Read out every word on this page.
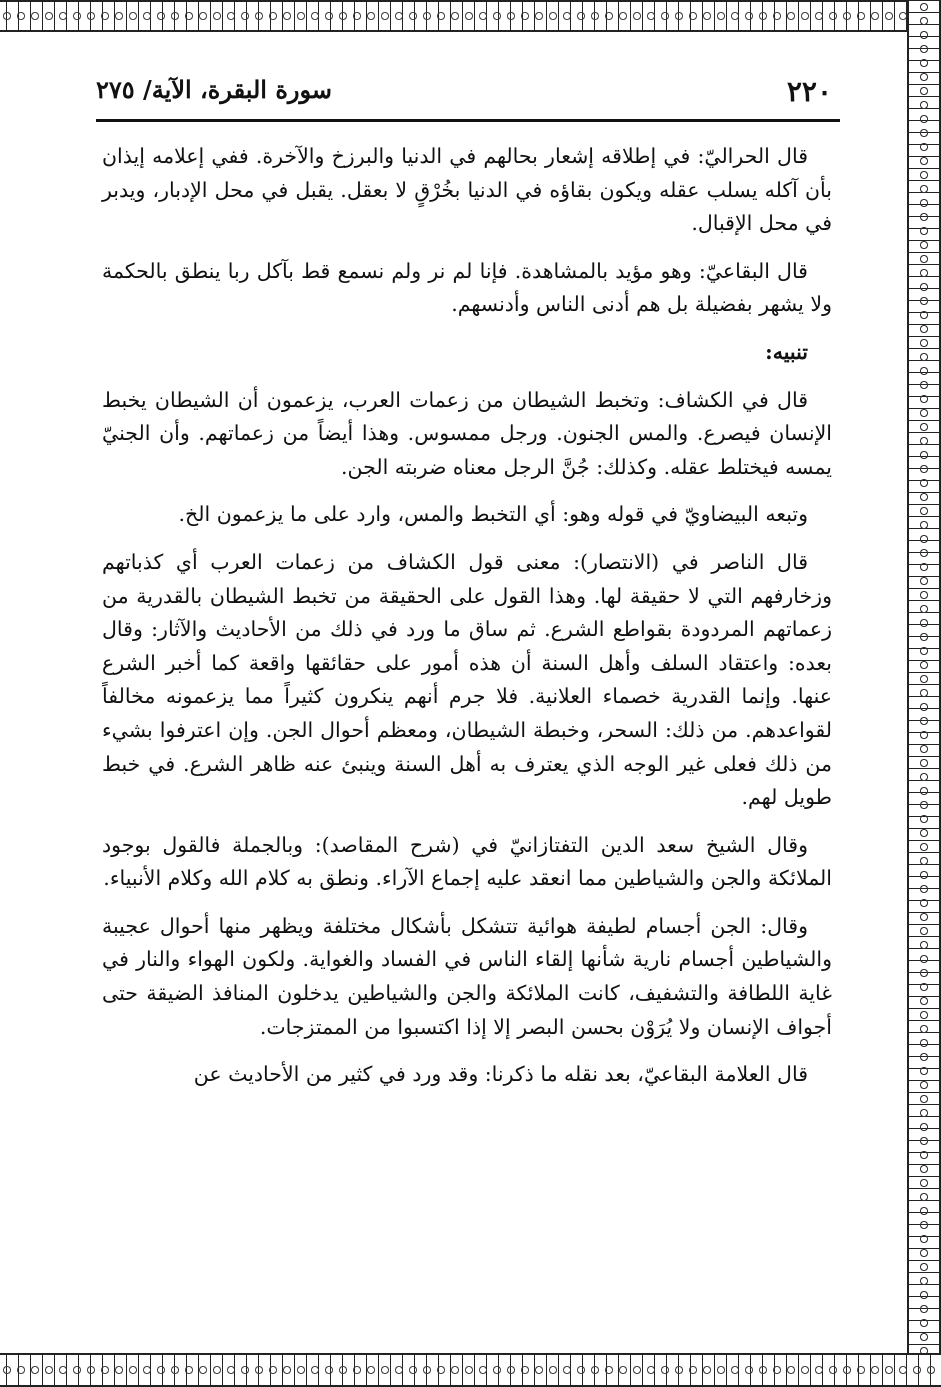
٢٢٠
سورة البقرة، الآية/ ٢٧٥

قال الحراليّ: في إطلاقه إشعار بحالهم في الدنيا والبرزخ والآخرة. ففي إعلامه إيذان بأن آكله يسلب عقله ويكون بقاؤه في الدنيا بخُرْقٍ لا بعقل. يقبل في محل الإدبار، ويدبر في محل الإقبال.

قال البقاعيّ: وهو مؤيد بالمشاهدة. فإنا لم نر ولم نسمع قط بآكل ربا ينطق بالحكمة ولا يشهر بفضيلة بل هم أدنى الناس وأدنسهم.

تنبيه:

قال في الكشاف: وتخبط الشيطان من زعمات العرب، يزعمون أن الشيطان يخبط الإنسان فيصرع. والمس الجنون. ورجل ممسوس. وهذا أيضاً من زعماتهم. وأن الجنيّ يمسه فيختلط عقله. وكذلك: جُنَّ الرجل معناه ضربته الجن.

وتبعه البيضاويّ في قوله وهو: أي التخبط والمس، وارد على ما يزعمون الخ.

قال الناصر في (الانتصار): معنى قول الكشاف من زعمات العرب أي كذباتهم وزخارفهم التي لا حقيقة لها. وهذا القول على الحقيقة من تخبط الشيطان بالقدرية من زعماتهم المردودة بقواطع الشرع. ثم ساق ما ورد في ذلك من الأحاديث والآثار: وقال بعده: واعتقاد السلف وأهل السنة أن هذه أمور على حقائقها واقعة كما أخبر الشرع عنها. وإنما القدرية خصماء العلانية. فلا جرم أنهم ينكرون كثيراً مما يزعمونه مخالفاً لقواعدهم. من ذلك: السحر، وخبطة الشيطان، ومعظم أحوال الجن. وإن اعترفوا بشيء من ذلك فعلى غير الوجه الذي يعترف به أهل السنة وينبئ عنه ظاهر الشرع. في خبط طويل لهم.

وقال الشيخ سعد الدين التفتازانيّ في (شرح المقاصد): وبالجملة فالقول بوجود الملائكة والجن والشياطين مما انعقد عليه إجماع الآراء. ونطق به كلام الله وكلام الأنبياء.

وقال: الجن أجسام لطيفة هوائية تتشكل بأشكال مختلفة ويظهر منها أحوال عجيبة والشياطين أجسام نارية شأنها إلقاء الناس في الفساد والغواية. ولكون الهواء والنار في غاية اللطافة والتشفيف، كانت الملائكة والجن والشياطين يدخلون المنافذ الضيقة حتى أجواف الإنسان ولا يُرَوْن بحسن البصر إلا إذا اكتسبوا من الممتزجات.

قال العلامة البقاعيّ، بعد نقله ما ذكرنا: وقد ورد في كثير من الأحاديث عن
